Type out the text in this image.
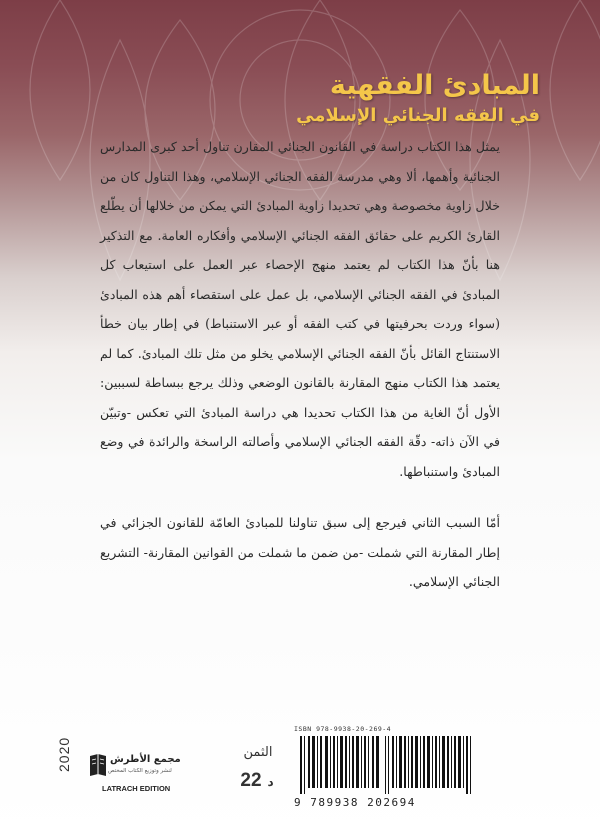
المبادئ الفقهية
في الفقه الجنائي الإسلامي

يمثل هذا الكتاب دراسة في القانون الجنائي المقارن تناول أحد كبرى المدارس الجنائية وأهمها، ألا وهي مدرسة الفقه الجنائي الإسلامي، وهذا التناول كان من خلال زاوية مخصوصة وهي تحديدا زاوية المبادئ التي يمكن من خلالها أن يطّلع القارئ الكريم على حقائق الفقه الجنائي الإسلامي وأفكاره العامة. مع التذكير هنا بأنّ هذا الكتاب لم يعتمد منهج الإحصاء عبر العمل على استيعاب كل المبادئ في الفقه الجنائي الإسلامي، بل عمل على استقصاء أهم هذه المبادئ (سواء وردت بحرفيتها في كتب الفقه أو عبر الاستنباط) في إطار بيان خطأ الاستنتاج القائل بأنّ الفقه الجنائي الإسلامي يخلو من مثل تلك المبادئ. كما لم يعتمد هذا الكتاب منهج المقارنة بالقانون الوضعي وذلك يرجع ببساطة لسببين: الأول أنّ الغاية من هذا الكتاب تحديدا هي دراسة المبادئ التي تعكس -وتبيّن في الآن ذاته- دقّة الفقه الجنائي الإسلامي وأصالته الراسخة والرائدة في وضع المبادئ واستنباطها.

أمّا السبب الثاني فيرجع إلى سبق تناولنا للمبادئ العامّة للقانون الجزائي في إطار المقارنة التي شملت -من ضمن ما شملت من القوانين المقارنة- التشريع الجنائي الإسلامي.

ISBN 978-9938-20-269-4
9 789938 202694
الثمن
د 22
مجمع الأطرش
لنشر وتوزيع الكتاب المختص
LATRACH EDITION
2020
